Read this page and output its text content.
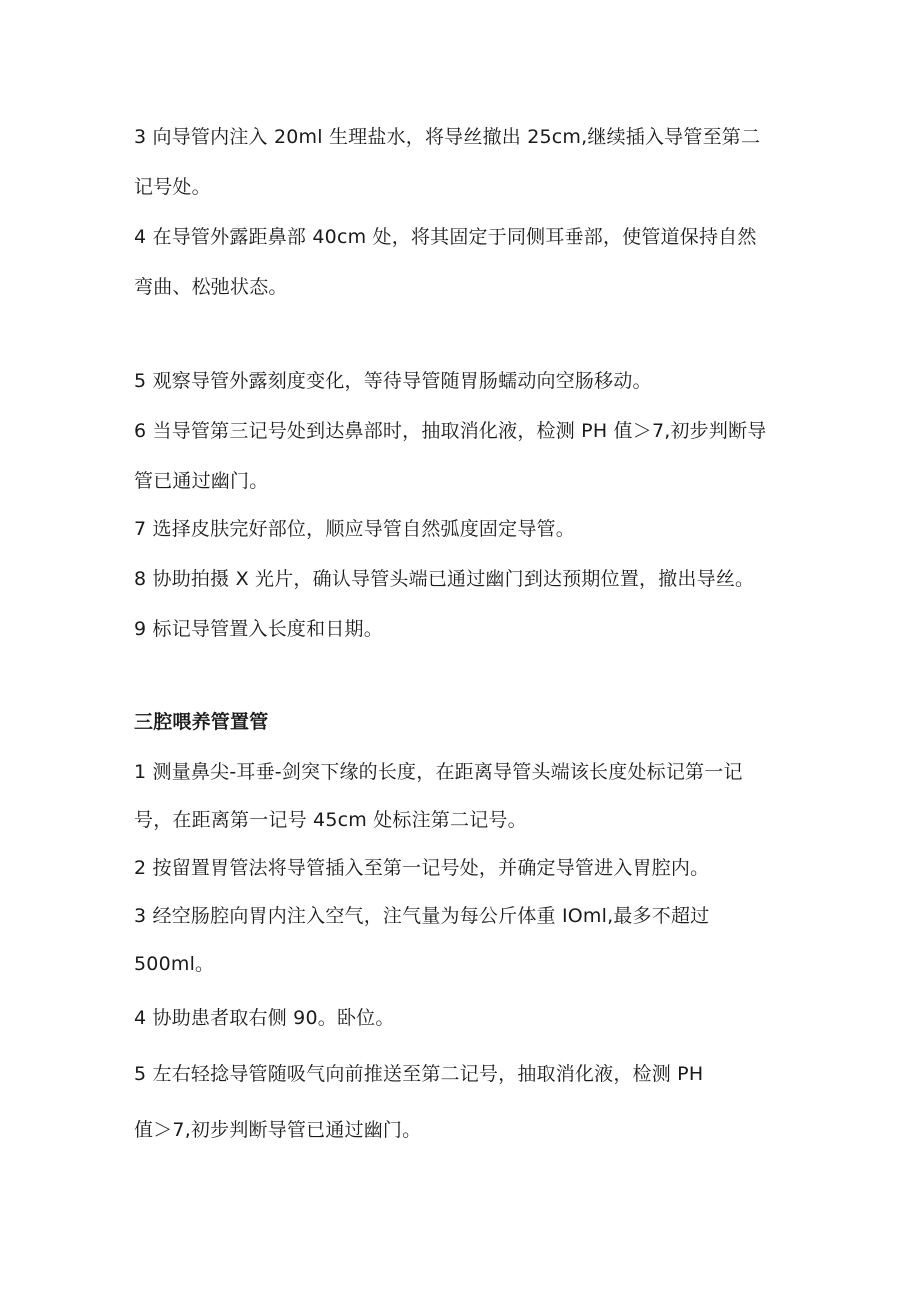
3 向导管内注入 20ml 生理盐水，将导丝撤出 25cm,继续插入导管至第二
记号处。
4 在导管外露距鼻部 40cm 处，将其固定于同侧耳垂部，使管道保持自然
弯曲、松弛状态。
5 观察导管外露刻度变化，等待导管随胃肠蠕动向空肠移动。
6 当导管第三记号处到达鼻部时，抽取消化液，检测 PH 值＞7,初步判断导
管已通过幽门。
7 选择皮肤完好部位，顺应导管自然弧度固定导管。
8 协助拍摄 X 光片，确认导管头端已通过幽门到达预期位置，撤出导丝。
9 标记导管置入长度和日期。
三腔喂养管置管
1 测量鼻尖-耳垂-剑突下缘的长度，在距离导管头端该长度处标记第一记
号，在距离第一记号 45cm 处标注第二记号。
2 按留置胃管法将导管插入至第一记号处，并确定导管进入胃腔内。
3 经空肠腔向胃内注入空气，注气量为每公斤体重 IOml,最多不超过
500ml。
4 协助患者取右侧 90。卧位。
5 左右轻捻导管随吸气向前推送至第二记号，抽取消化液，检测 PH
值＞7,初步判断导管已通过幽门。
